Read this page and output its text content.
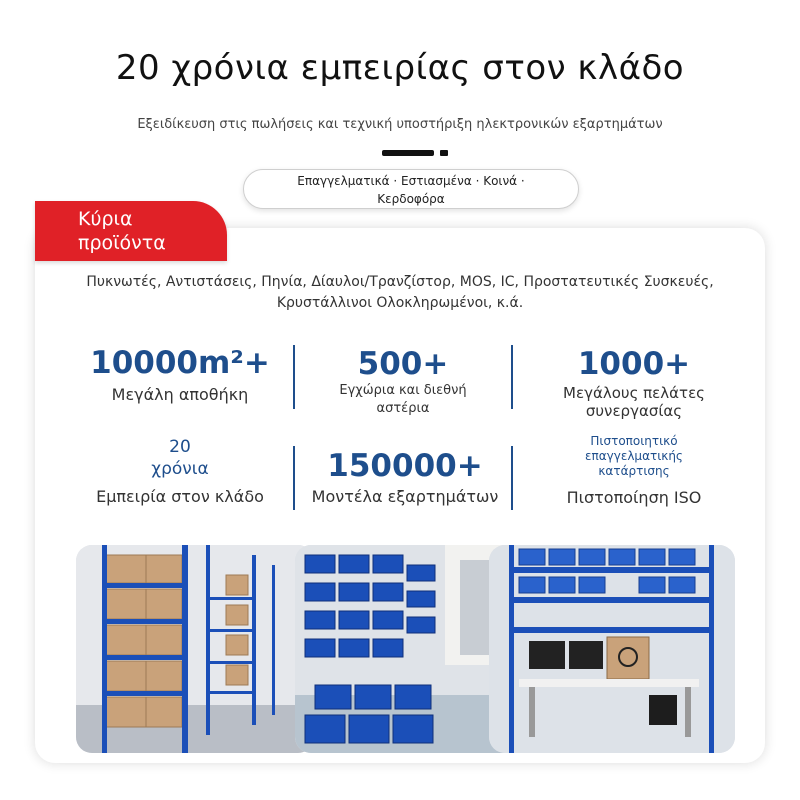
20 χρόνια εμπειρίας στον κλάδο
Εξειδίκευση στις πωλήσεις και τεχνική υποστήριξη ηλεκτρονικών εξαρτημάτων
Επαγγελματικά · Εστιασμένα · Κοινά ·
Κερδοφόρα
Κύρια
προϊόντα
Πυκνωτές, Αντιστάσεις, Πηνία, Δίαυλοι/Τρανζίστορ, MOS, IC, Προστατευτικές Συσκευές,
Κρυστάλλινοι Ολοκληρωμένοι, κ.ά.
10000m²+
Μεγάλη αποθήκη
500+
Εγχώρια και διεθνή
αστέρια
1000+
Μεγάλους πελάτες συνεργασίας
20
χρόνια
Εμπειρία στον κλάδο
150000+
Μοντέλα εξαρτημάτων
Πιστοποιητικό
επαγγελματικής
κατάρτισης
Πιστοποίηση ISO
